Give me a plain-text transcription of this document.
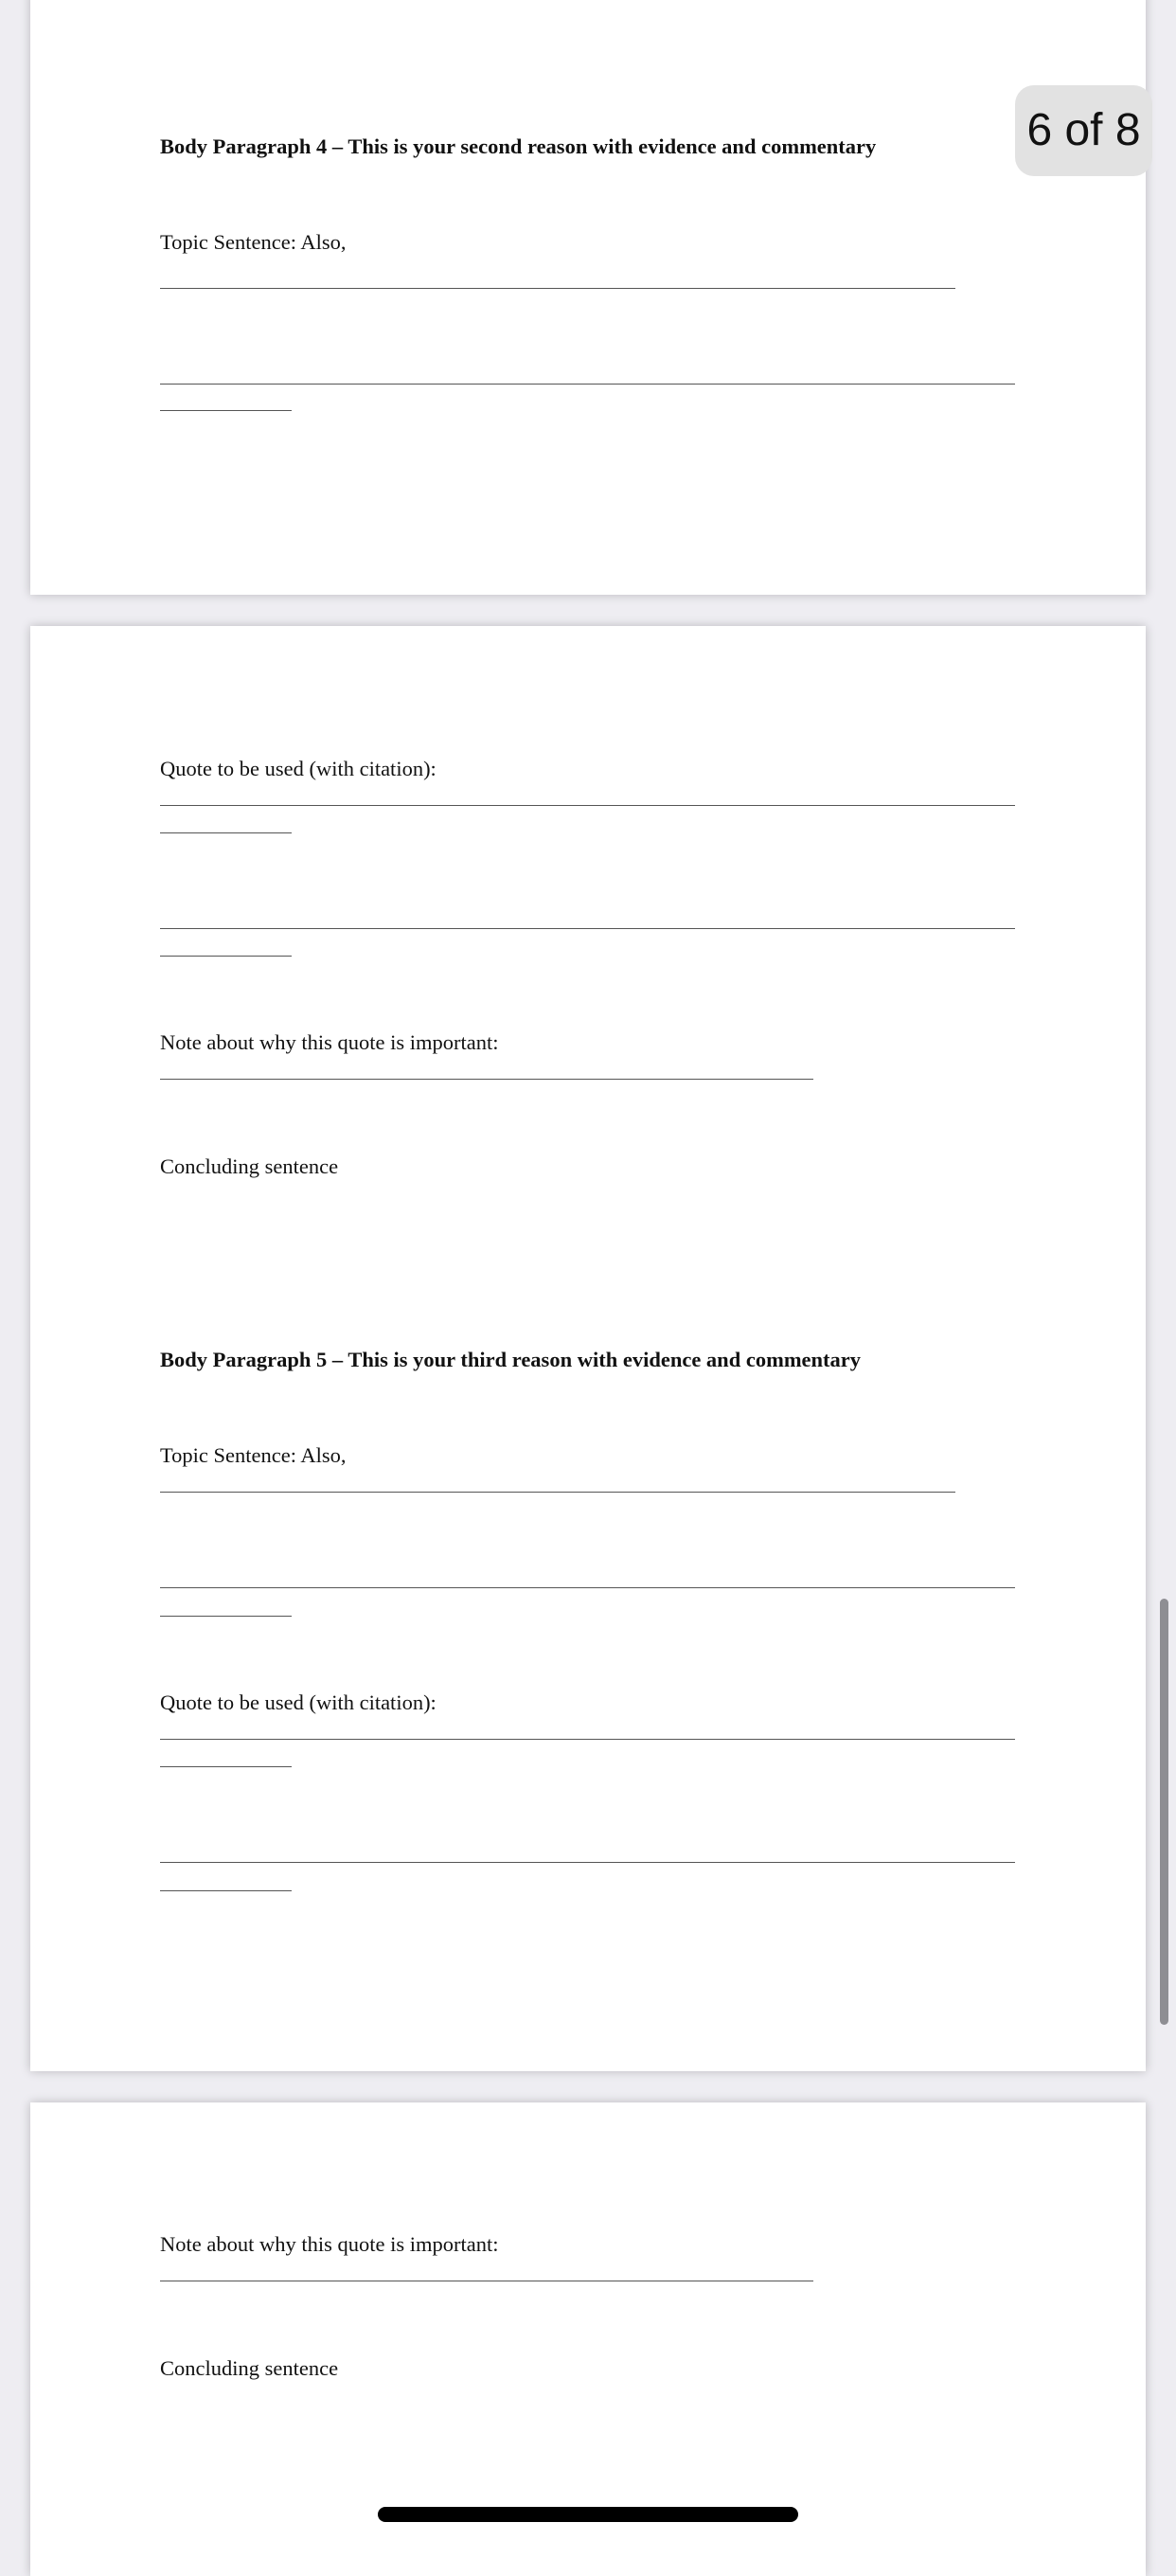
Body Paragraph 4 – This is your second reason with evidence and commentary
Topic Sentence: Also,
Quote to be used (with citation):
Note about why this quote is important:
Concluding sentence
Body Paragraph 5 – This is your third reason with evidence and commentary
Topic Sentence: Also,
Quote to be used (with citation):
Note about why this quote is important:
Concluding sentence
6 of 8
